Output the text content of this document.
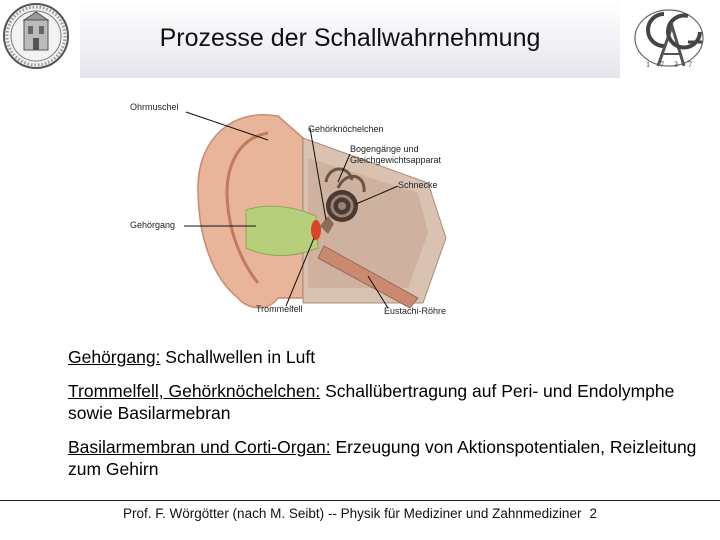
Prozesse der Schallwahrnehmung
1 7 3 7
Ohrmuschel
Gehörknöchelchen
Bogengänge und
Gleichgewichtsapparat
Schnecke
Gehörgang
Trommelfell	Eustachi-Röhre
Gehörgang: Schallwellen in Luft
Trommelfell, Gehörknöchelchen: Schallübertragung auf Peri- und Endolymphe sowie Basilarmebran
Basilarmembran und Corti-Organ: Erzeugung von Aktionspotentialen, Reizleitung zum Gehirn
Prof. F. Wörgötter (nach M. Seibt) -- Physik für Mediziner und Zahnmediziner 2
